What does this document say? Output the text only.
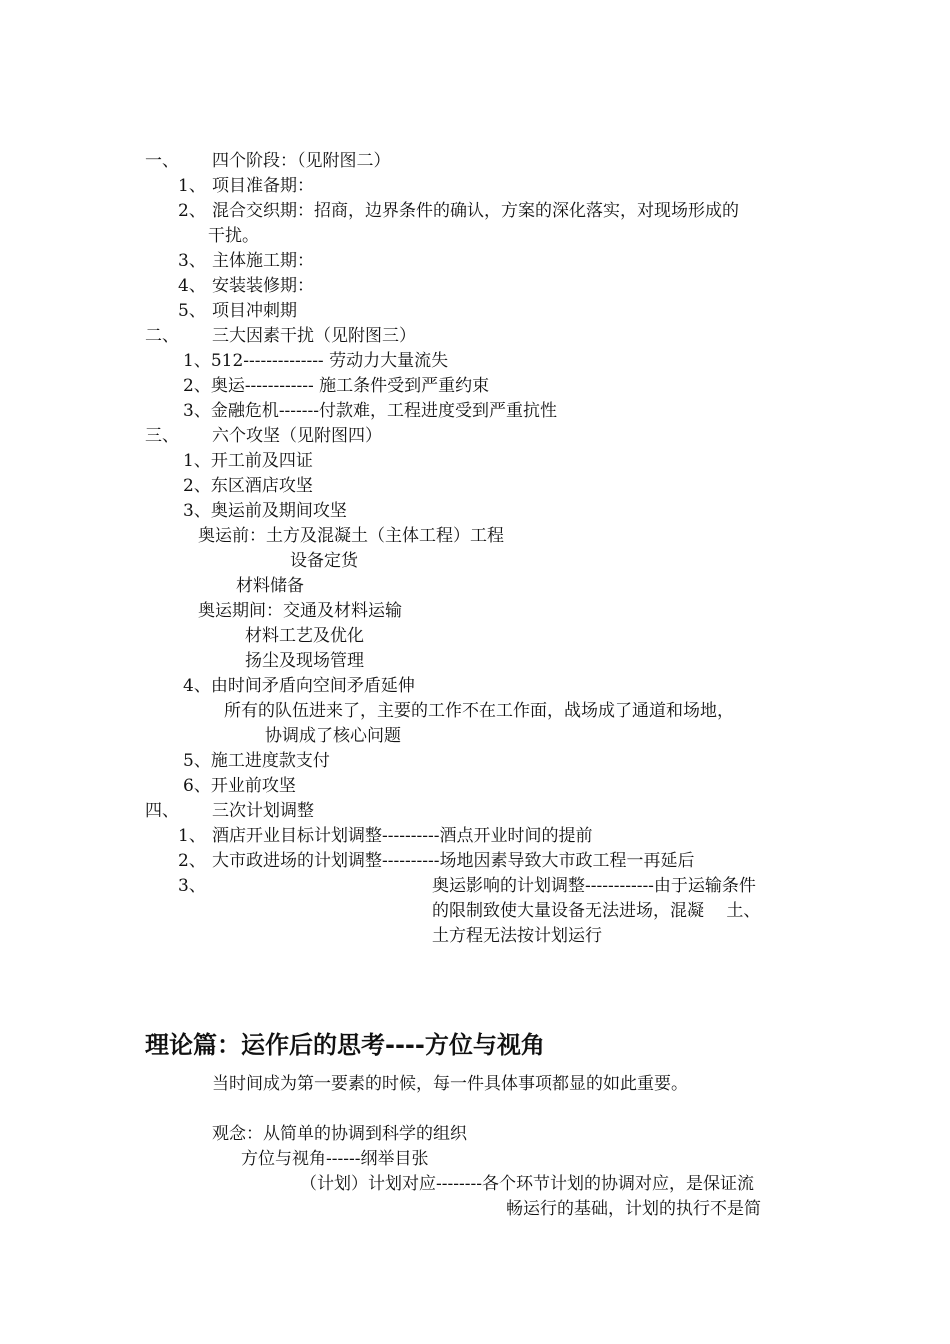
一、 四个阶段：（见附图二）
1、 项目准备期：
2、 混合交织期：招商，边界条件的确认，方案的深化落实，对现场形成的
干扰。
3、 主体施工期：
4、 安装装修期：
5、 项目冲刺期
二、 三大因素干扰（见附图三）
1、512-------------- 劳动力大量流失
2、奥运------------ 施工条件受到严重约束
3、金融危机-------付款难，工程进度受到严重抗性
三、 六个攻坚（见附图四）
1、开工前及四证
2、东区酒店攻坚
3、奥运前及期间攻坚
奥运前：土方及混凝土（主体工程）工程
设备定货
材料储备
奥运期间：交通及材料运输
材料工艺及优化
扬尘及现场管理
4、由时间矛盾向空间矛盾延伸
所有的队伍进来了，主要的工作不在工作面，战场成了通道和场地，
协调成了核心问题
5、施工进度款支付
6、开业前攻坚
四、 三次计划调整
1、 酒店开业目标计划调整----------酒点开业时间的提前
2、 大市政进场的计划调整----------场地因素导致大市政工程一再延后
3、	奥运影响的计划调整------------由于运输条件
的限制致使大量设备无法进场，混凝　 土、
土方程无法按计划运行
理论篇：运作后的思考----方位与视角
当时间成为第一要素的时候，每一件具体事项都显的如此重要。
观念：从简单的协调到科学的组织
方位与视角------纲举目张
（计划）计划对应--------各个环节计划的协调对应，是保证流
畅运行的基础，计划的执行不是简
